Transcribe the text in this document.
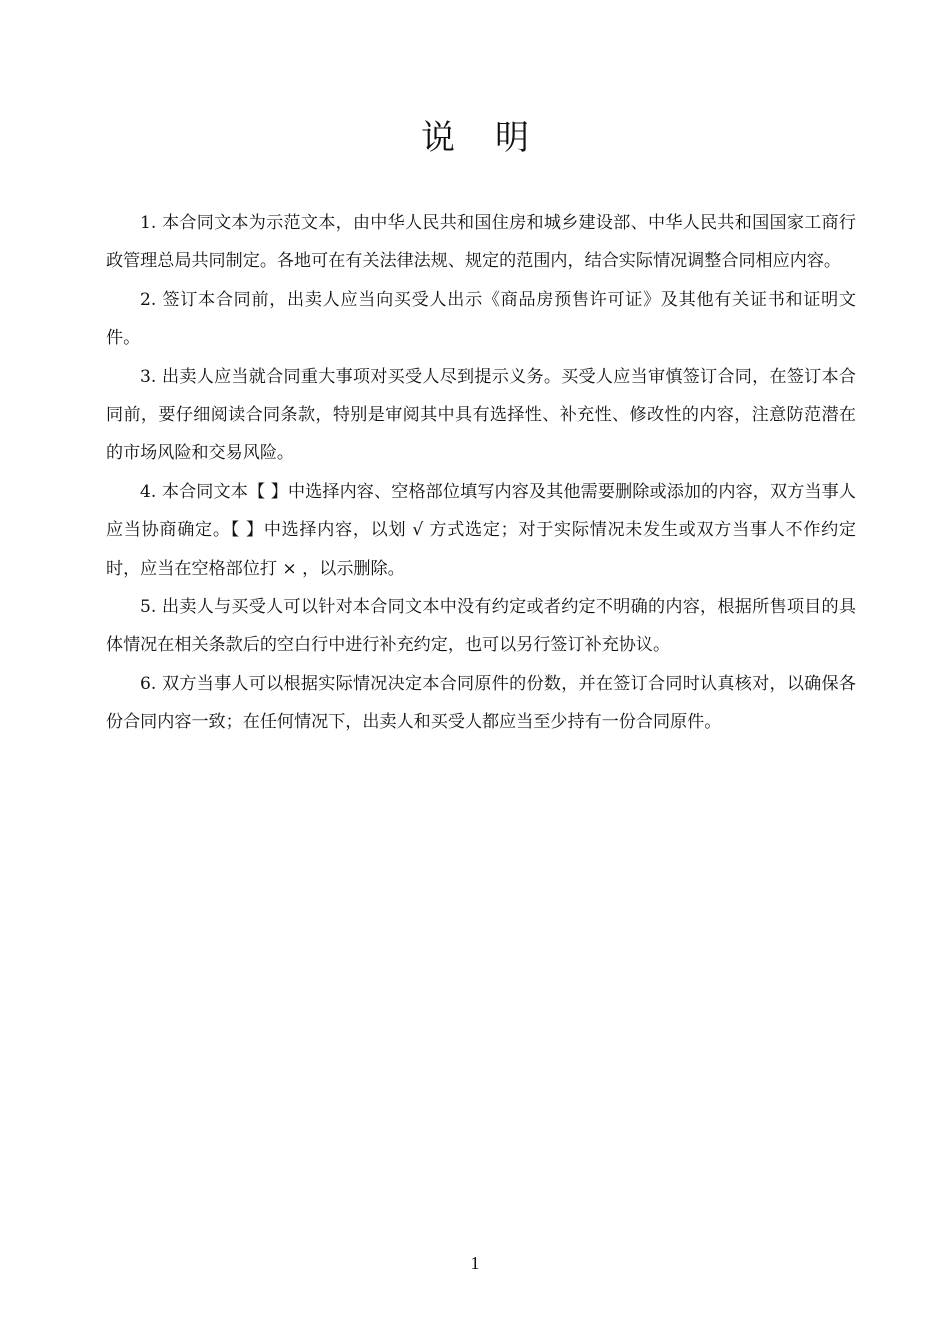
说明

1. 本合同文本为示范文本，由中华人民共和国住房和城乡建设部、中华人民共和国国家工商行政管理总局共同制定。各地可在有关法律法规、规定的范围内，结合实际情况调整合同相应内容。

2. 签订本合同前，出卖人应当向买受人出示《商品房预售许可证》及其他有关证书和证明文件。

3. 出卖人应当就合同重大事项对买受人尽到提示义务。买受人应当审慎签订合同，在签订本合同前，要仔细阅读合同条款，特别是审阅其中具有选择性、补充性、修改性的内容，注意防范潜在的市场风险和交易风险。

4. 本合同文本【 】中选择内容、空格部位填写内容及其他需要删除或添加的内容，双方当事人应当协商确定。【 】中选择内容，以划 √ 方式选定；对于实际情况未发生或双方当事人不作约定时，应当在空格部位打 × ，以示删除。

5. 出卖人与买受人可以针对本合同文本中没有约定或者约定不明确的内容，根据所售项目的具体情况在相关条款后的空白行中进行补充约定，也可以另行签订补充协议。

6. 双方当事人可以根据实际情况决定本合同原件的份数，并在签订合同时认真核对，以确保各份合同内容一致；在任何情况下，出卖人和买受人都应当至少持有一份合同原件。

1
